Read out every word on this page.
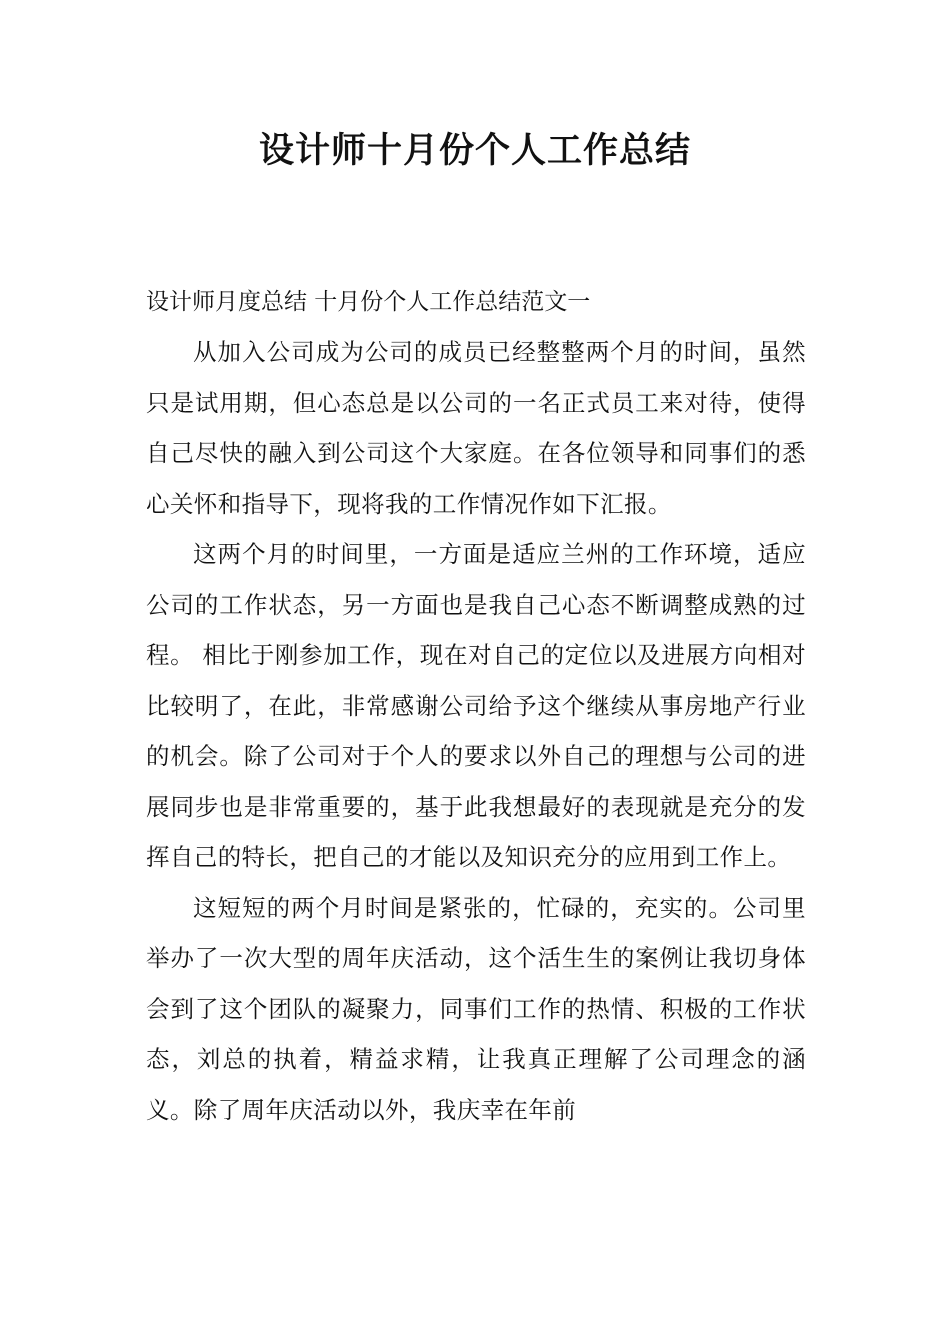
设计师十月份个人工作总结

设计师月度总结 十月份个人工作总结范文一

从加入公司成为公司的成员已经整整两个月的时间，虽然只是试用期，但心态总是以公司的一名正式员工来对待，使得自己尽快的融入到公司这个大家庭。在各位领导和同事们的悉心关怀和指导下，现将我的工作情况作如下汇报。

这两个月的时间里，一方面是适应兰州的工作环境，适应公司的工作状态，另一方面也是我自己心态不断调整成熟的过程。 相比于刚参加工作，现在对自己的定位以及进展方向相对比较明了，在此，非常感谢公司给予这个继续从事房地产行业的机会。除了公司对于个人的要求以外自己的理想与公司的进展同步也是非常重要的，基于此我想最好的表现就是充分的发挥自己的特长，把自己的才能以及知识充分的应用到工作上。

这短短的两个月时间是紧张的，忙碌的，充实的。公司里举办了一次大型的周年庆活动，这个活生生的案例让我切身体会到了这个团队的凝聚力，同事们工作的热情、积极的工作状态，刘总的执着，精益求精，让我真正理解了公司理念的涵义。除了周年庆活动以外，我庆幸在年前
